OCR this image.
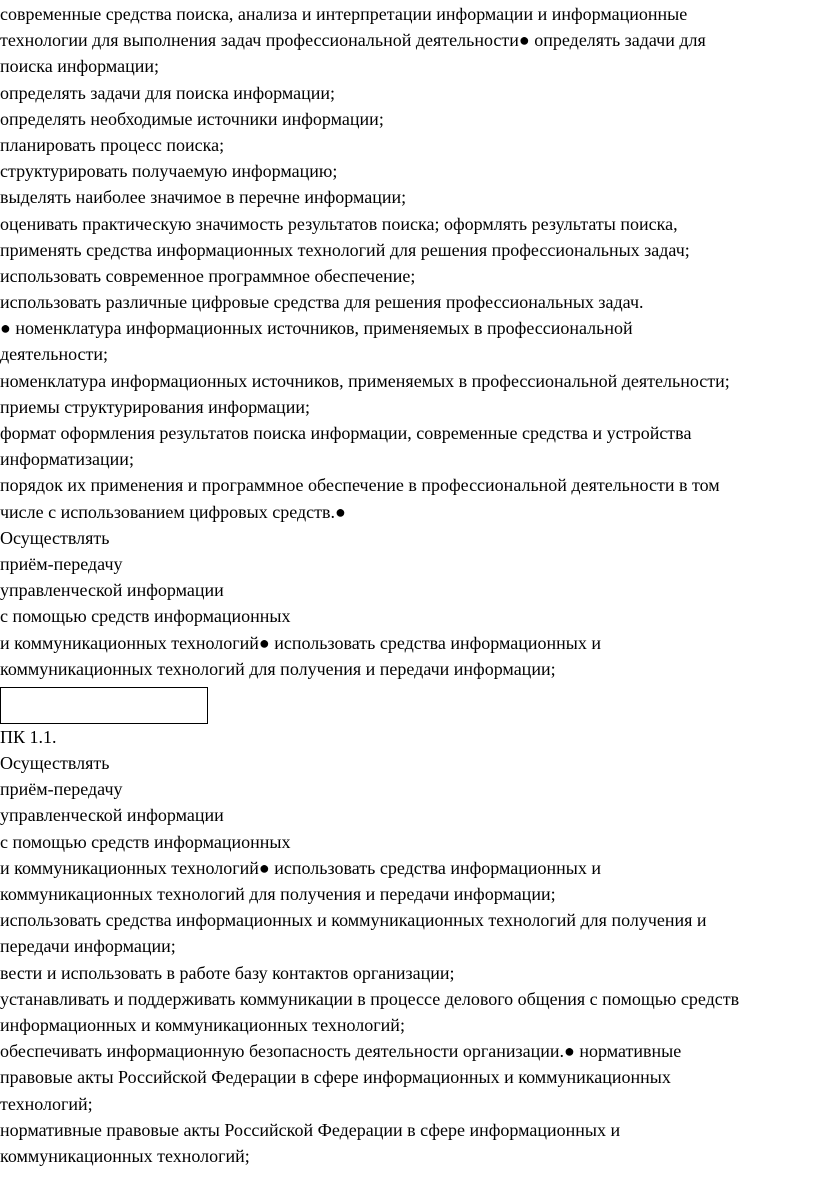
современные средства поиска, анализа и интерпретации информации и информационные
технологии для выполнения задач профессиональной деятельности● определять задачи для
поиска информации;
определять задачи для поиска информации;
определять необходимые источники информации;
планировать процесс поиска;
структурировать получаемую информацию;
выделять наиболее значимое в перечне информации;
оценивать практическую значимость результатов поиска; оформлять результаты поиска,
применять средства информационных технологий для решения профессиональных задач;
использовать современное программное обеспечение;
использовать различные цифровые средства для решения профессиональных задач.
● номенклатура информационных источников, применяемых в профессиональной
деятельности;
номенклатура информационных источников, применяемых в профессиональной деятельности;
приемы структурирования информации;
формат оформления результатов поиска информации, современные средства и устройства
информатизации;
порядок их применения и программное обеспечение в профессиональной деятельности в том
числе с использованием цифровых средств.●
Осуществлять
приём-передачу
управленческой информации
с помощью средств информационных
и коммуникационных технологий● использовать средства информационных и
коммуникационных технологий для получения и передачи информации;
ПК 1.1.
Осуществлять
приём-передачу
управленческой информации
с помощью средств информационных
и коммуникационных технологий● использовать средства информационных и
коммуникационных технологий для получения и передачи информации;
использовать средства информационных и коммуникационных технологий для получения и
передачи информации;
вести и использовать в работе базу контактов организации;
устанавливать и поддерживать коммуникации в процессе делового общения с помощью средств
информационных и коммуникационных технологий;
обеспечивать информационную безопасность деятельности организации.● нормативные
правовые акты Российской Федерации в сфере информационных и коммуникационных
технологий;
нормативные правовые акты Российской Федерации в сфере информационных и
коммуникационных технологий;
